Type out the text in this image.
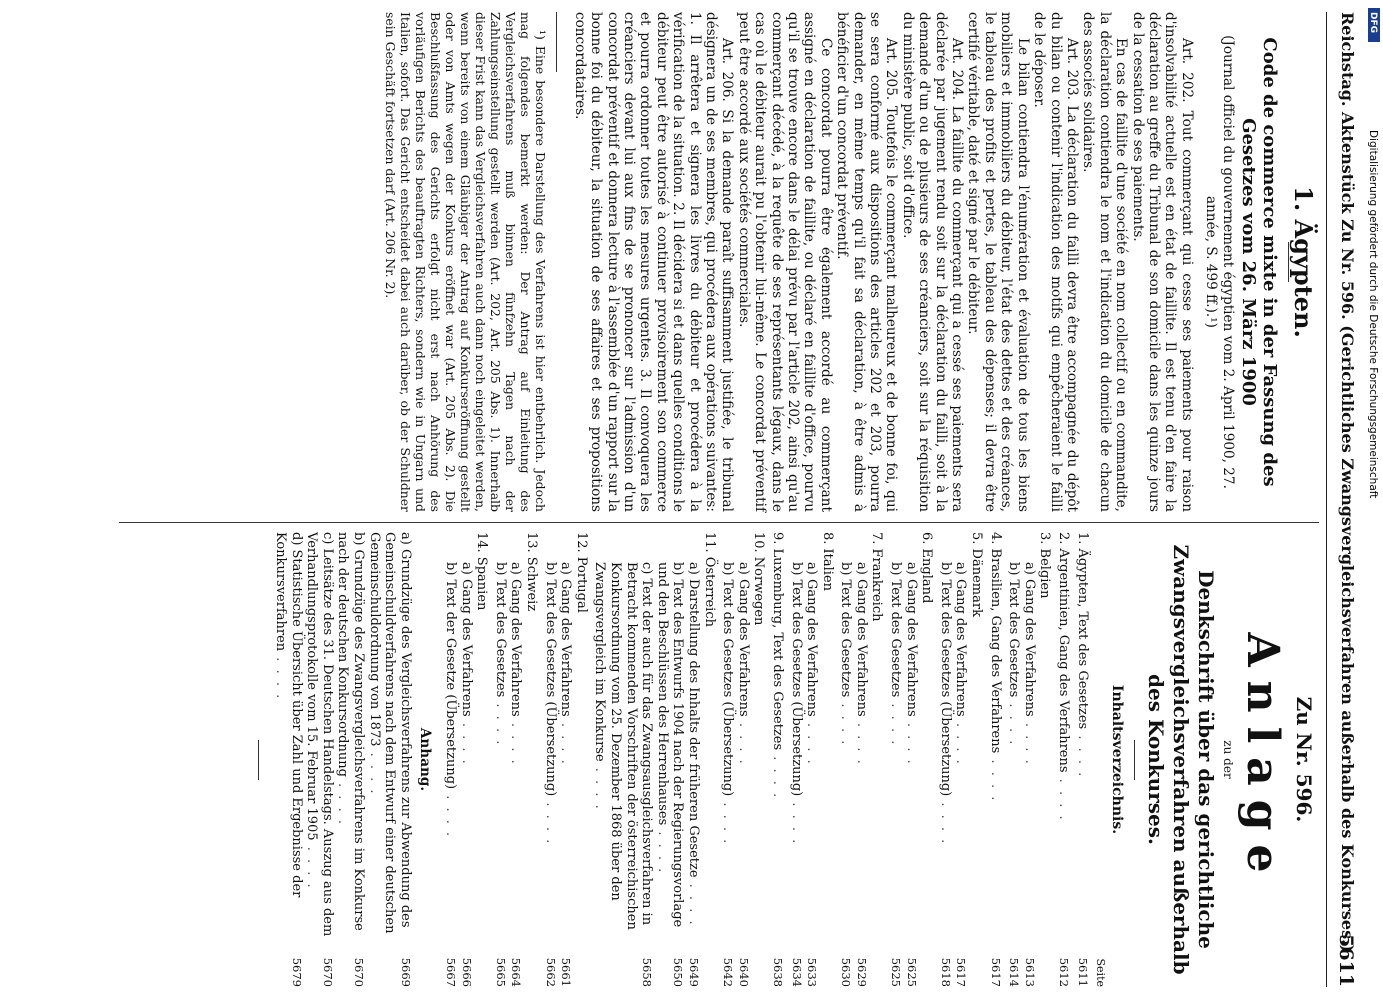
Reichstag. Aktenstück Zu Nr. 596. (Gerichtliches Zwangsvergleichsverfahren außerhalb des Konkurses.)
5611
1. Ägypten.
Code de commerce mixte in der Fassung des Gesetzes vom 26. März 1900
(Journal officiel du gouvernement égyptien vom 2. April 1900, 27. année, S. 499 ff.).¹)

Art. 202. Tout commerçant qui cesse ses paiements pour raison d'insolvabilité actuelle est en état de faillite. Il est tenu d'en faire la déclaration au greffe du Tribunal de son domicile dans les quinze jours de la cessation de ses paiements.

En cas de faillite d'une société en nom collectif ou en commandite, la déclaration contiendra le nom et l'indication du domicile de chacun des associés solidaires.

Art. 203. La déclaration du failli devra être accompagnée du dépôt du bilan ou contenir l'indication des motifs qui empêcheraient le failli de le déposer.

Le bilan contiendra l'énumération et évaluation de tous les biens mobiliers et immobiliers du débiteur, l'état des dettes et des créances, le tableau des profits et pertes, le tableau des dépenses; il devra être certifié véritable, daté et signé par le débiteur.

Art. 204. La faillite du commerçant qui a cessé ses paiements sera déclarée par jugement rendu soit sur la déclaration du failli, soit à la demande d'un ou de plusieurs de ses créanciers, soit sur la réquisition du ministère public, soit d'office.

Art. 205. Toutefois le commerçant malheureux et de bonne foi, qui se sera conformé aux dispositions des articles 202 et 203, pourra demander, en même temps qu'il fait sa déclaration, à être admis à bénéficier d'un concordat préventif.

Ce concordat pourra être également accordé au commerçant assigné en déclaration de faillite, ou déclaré en faillite d'office, pourvu qu'il se trouve encore dans le délai prévu par l'article 202, ainsi qu'au commerçant décédé, à la requête de ses représentants légaux, dans le cas où le débiteur aurait pu l'obtenir lui-même. Le concordat préventif peut être accordé aux sociétés commerciales.

Art. 206. Si la demande paraît suffisamment justifiée, le tribunal désignera un de ses membres, qui procédera aux opérations suivantes: 1. Il arrêtera et signera les livres du débiteur et procédera à la vérification de la situation. 2. Il décidera si et dans quelles conditions le débiteur peut être autorisé à continuer provisoirement son commerce et pourra ordonner toutes les mesures urgentes. 3. Il convoquera les créanciers devant lui aux fins de se prononcer sur l'admission d'un concordat préventif et donnera lecture à l'assemblée d'un rapport sur la bonne foi du débiteur, la situation de ses affaires et ses propositions concordataires.

¹) Eine besondere Darstellung des Verfahrens ist hier entbehrlich. Jedoch mag folgendes bemerkt werden: Der Antrag auf Einleitung des Vergleichsverfahrens muß binnen fünfzehn Tagen nach der Zahlungseinstellung gestellt werden (Art. 202, Art. 205 Abs. 1). Innerhalb dieser Frist kann das Vergleichsverfahren auch dann noch eingeleitet werden, wenn bereits von einem Gläubiger der Antrag auf Konkurseröffnung gestellt oder von Amts wegen der Konkurs eröffnet war (Art. 205 Abs. 2). Die Beschlußfassung des Gerichts erfolgt nicht erst nach Anhörung des vorläufigen Berichts des beauftragten Richters, sondern wie in Ungarn und Italien, sofort. Das Gericht entscheidet dabei auch darüber, ob der Schuldner sein Geschäft fortsetzen darf (Art. 206 Nr. 2).

Zu Nr. 596.
Anlage
zu der
Denkschrift über das gerichtliche Zwangsvergleichsverfahren außerhalb des Konkurses.
Inhaltsverzeichnis.
Seite
1. Ägypten, Text des Gesetzes . . . .
5611
2. Argentinien, Gang des Verfahrens . . . .
5612
3. Belgien
a) Gang des Verfahrens . . . .
5613
b) Text des Gesetzes . . . .
5614
4. Brasilien, Gang des Verfahrens . . . .
5617
5. Dänemark
a) Gang des Verfahrens . . . .
5617
b) Text des Gesetzes (Übersetzung) . . . .
5618
6. England
a) Gang des Verfahrens . . . .
5625
b) Text des Gesetzes . . . .
5625
7. Frankreich
a) Gang des Verfahrens . . . .
5629
b) Text des Gesetzes . . . .
5630
8. Italien
a) Gang des Verfahrens . . . .
5633
b) Text des Gesetzes (Übersetzung) . . . .
5634
9. Luxemburg, Text des Gesetzes . . . .
5638
10. Norwegen
a) Gang des Verfahrens . . . .
5640
b) Text des Gesetzes (Übersetzung) . . . .
5642
11. Österreich
a) Darstellung des Inhalts der früheren Gesetze . . . .
5649
b) Text des Entwurfs 1904 nach der Regierungsvorlage und den Beschlüssen des Herrenhauses . . . .
5650
c) Text der auch für das Zwangsausgleichsverfahren in Betracht kommenden Vorschriften der österreichischen Konkursordnung vom 25. Dezember 1868 über den Zwangsvergleich im Konkurse . . . .
5658
12. Portugal
a) Gang des Verfahrens . . . .
5661
b) Text des Gesetzes (Übersetzung) . . . .
5662
13. Schweiz
a) Gang des Verfahrens . . . .
5664
b) Text des Gesetzes . . . .
5665
14. Spanien
a) Gang des Verfahrens . . . .
5666
b) Text der Gesetze (Übersetzung) . . . .
5667
Anhang.
a) Grundzüge des Vergleichsverfahrens zur Abwendung des Gemeinschuldverfahrens nach dem Entwurf einer deutschen Gemeinschuldordnung von 1873 . . . .
5669
b) Grundzüge des Zwangsvergleichsverfahrens im Konkurse nach der deutschen Konkursordnung . . . .
5670
c) Leitsätze des 31. Deutschen Handelstags. Auszug aus dem Verhandlungsprotokolle vom 15. Februar 1905 . . . .
5670
d) Statistische Übersicht über Zahl und Ergebnisse der Konkursverfahren . . . .
5679
Digitalisierung gefördert durch die Deutsche Forschungsgemeinschaft
DFG
